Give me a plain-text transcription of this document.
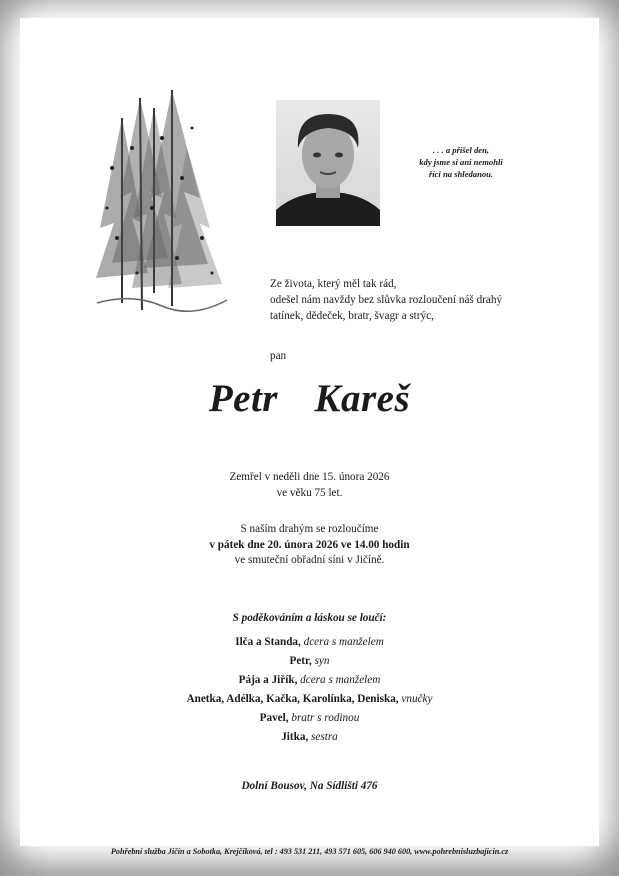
. . . a přišel den,
kdy jsme si ani nemohli
říci na shledanou.
Ze života, který měl tak rád,
odešel nám navždy bez slůvka rozloučení náš drahý
tatínek, dědeček, bratr, švagr a strýc,
pan
Petr  Kareš
Zemřel v neděli dne 15. února 2026
ve věku 75 let.
S naším drahým se rozloučíme
v pátek dne 20. února 2026 ve 14.00 hodin
ve smuteční obřadní síni v Jičíně.
S poděkováním a láskou se loučí:
Ilča a Standa, dcera s manželem
Petr, syn
Pája a Jiřík, dcera s manželem
Anetka, Adélka, Kačka, Karolínka, Deniska, vnučky
Pavel, bratr s rodinou
Jitka, sestra
Dolní Bousov, Na Sídlišti 476
Pohřební služba Jičín a Sobotka, Krejčíková, tel : 493 531 211, 493 571 605, 606 940 600, www.pohrebnisluzbajicin.cz
